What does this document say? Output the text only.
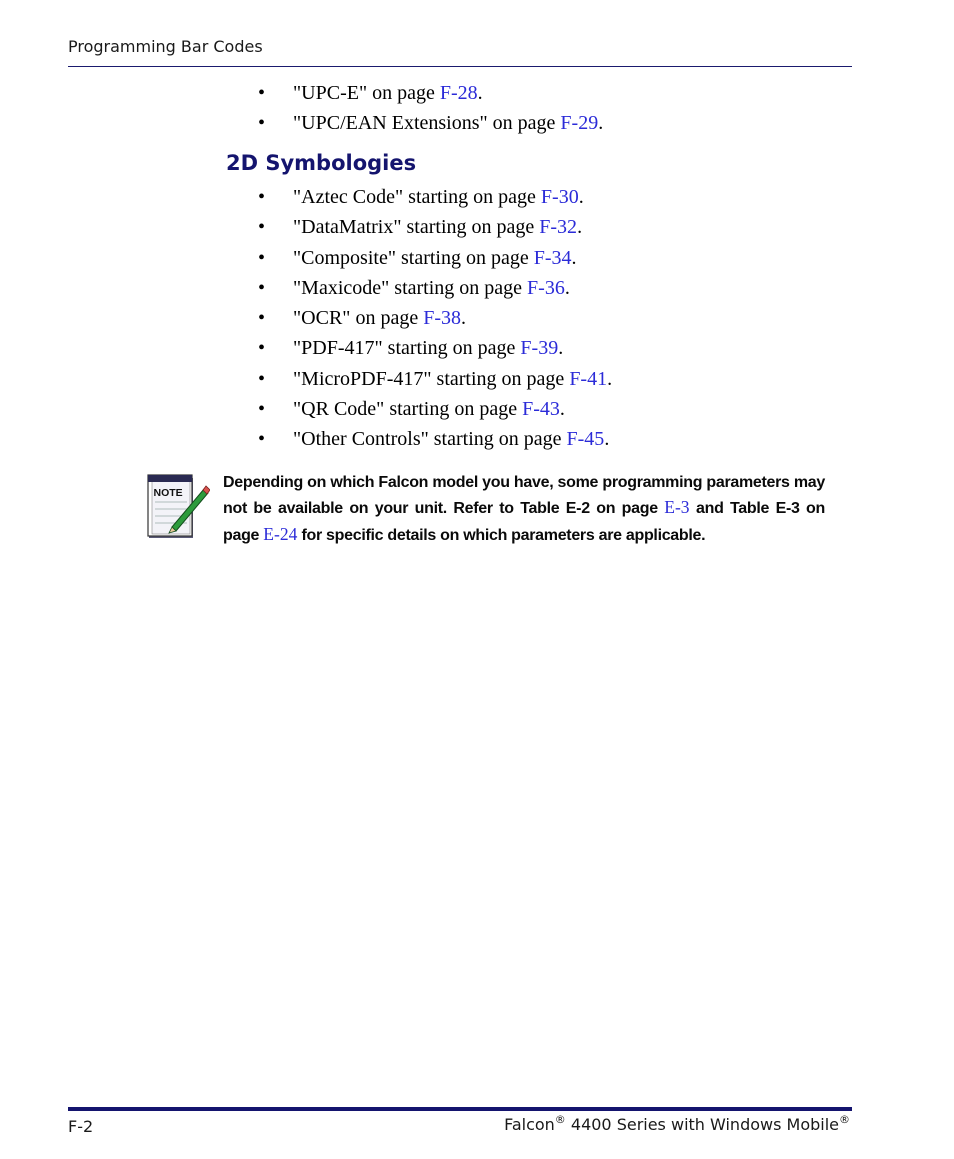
Programming Bar Codes
• "UPC-E" on page F-28.
• "UPC/EAN Extensions" on page F-29.
2D Symbologies
• "Aztec Code" starting on page F-30.
• "DataMatrix" starting on page F-32.
• "Composite" starting on page F-34.
• "Maxicode" starting on page F-36.
• "OCR" on page F-38.
• "PDF-417" starting on page F-39.
• "MicroPDF-417" starting on page F-41.
• "QR Code" starting on page F-43.
• "Other Controls" starting on page F-45.
NOTE

Depending on which Falcon model you have, some programming parameters may not be available on your unit. Refer to Table E-2 on page E-3 and Table E-3 on page E-24 for specific details on which parameters are applicable.

F-2	Falcon® 4400 Series with Windows Mobile®
